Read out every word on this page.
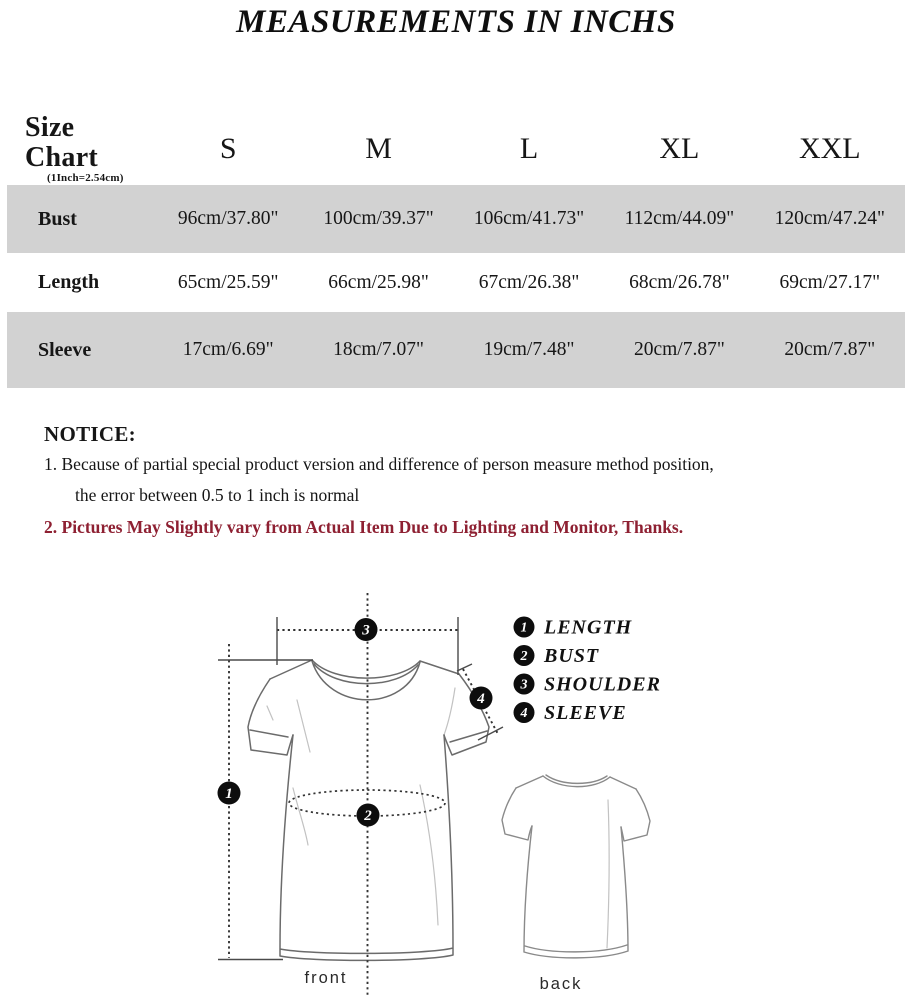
MEASUREMENTS IN INCHS
Size Chart
(1Inch=2.54cm)
S	M	L	XL	XXL
Bust	96cm/37.80"	100cm/39.37"	106cm/41.73"	112cm/44.09"	120cm/47.24"
Length	65cm/25.59"	66cm/25.98"	67cm/26.38"	68cm/26.78"	69cm/27.17"
Sleeve	17cm/6.69"	18cm/7.07"	19cm/7.48"	20cm/7.87"	20cm/7.87"
NOTICE:
1. Because of partial special product version and difference of person measure method position,
the error between 0.5 to 1 inch is normal
2. Pictures May Slightly vary from Actual Item Due to Lighting and Monitor, Thanks.
3
1
4
2
1 LENGTH
2 BUST
3 SHOULDER
4 SLEEVE
front	back
